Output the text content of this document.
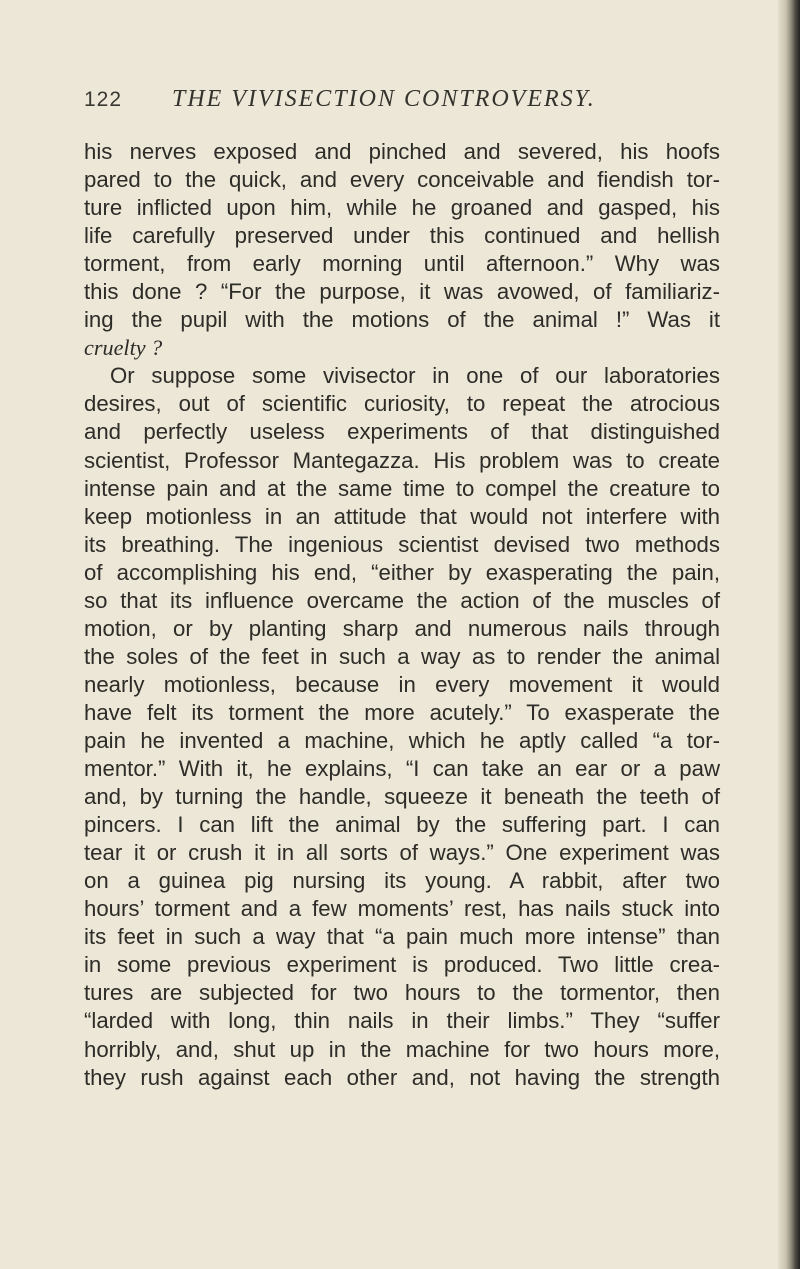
122 THE VIVISECTION CONTROVERSY.
his nerves exposed and pinched and severed, his hoofs
pared to the quick, and every conceivable and fiendish tor-
ture inflicted upon him, while he groaned and gasped, his
life carefully preserved under this continued and hellish
torment, from early morning until afternoon.” Why was
this done ? “For the purpose, it was avowed, of familiariz-
ing the pupil with the motions of the animal !” Was it
cruelty ?
Or suppose some vivisector in one of our laboratories
desires, out of scientific curiosity, to repeat the atrocious
and perfectly useless experiments of that distinguished
scientist, Professor Mantegazza. His problem was to create
intense pain and at the same time to compel the creature to
keep motionless in an attitude that would not interfere with
its breathing. The ingenious scientist devised two methods
of accomplishing his end, “either by exasperating the pain,
so that its influence overcame the action of the muscles of
motion, or by planting sharp and numerous nails through
the soles of the feet in such a way as to render the animal
nearly motionless, because in every movement it would
have felt its torment the more acutely.” To exasperate the
pain he invented a machine, which he aptly called “a tor-
mentor.” With it, he explains, “I can take an ear or a paw
and, by turning the handle, squeeze it beneath the teeth of
pincers. I can lift the animal by the suffering part. I can
tear it or crush it in all sorts of ways.” One experiment was
on a guinea pig nursing its young. A rabbit, after two
hours’ torment and a few moments’ rest, has nails stuck into
its feet in such a way that “a pain much more intense” than
in some previous experiment is produced. Two little crea-
tures are subjected for two hours to the tormentor, then
“larded with long, thin nails in their limbs.” They “suffer
horribly, and, shut up in the machine for two hours more,
they rush against each other and, not having the strength
